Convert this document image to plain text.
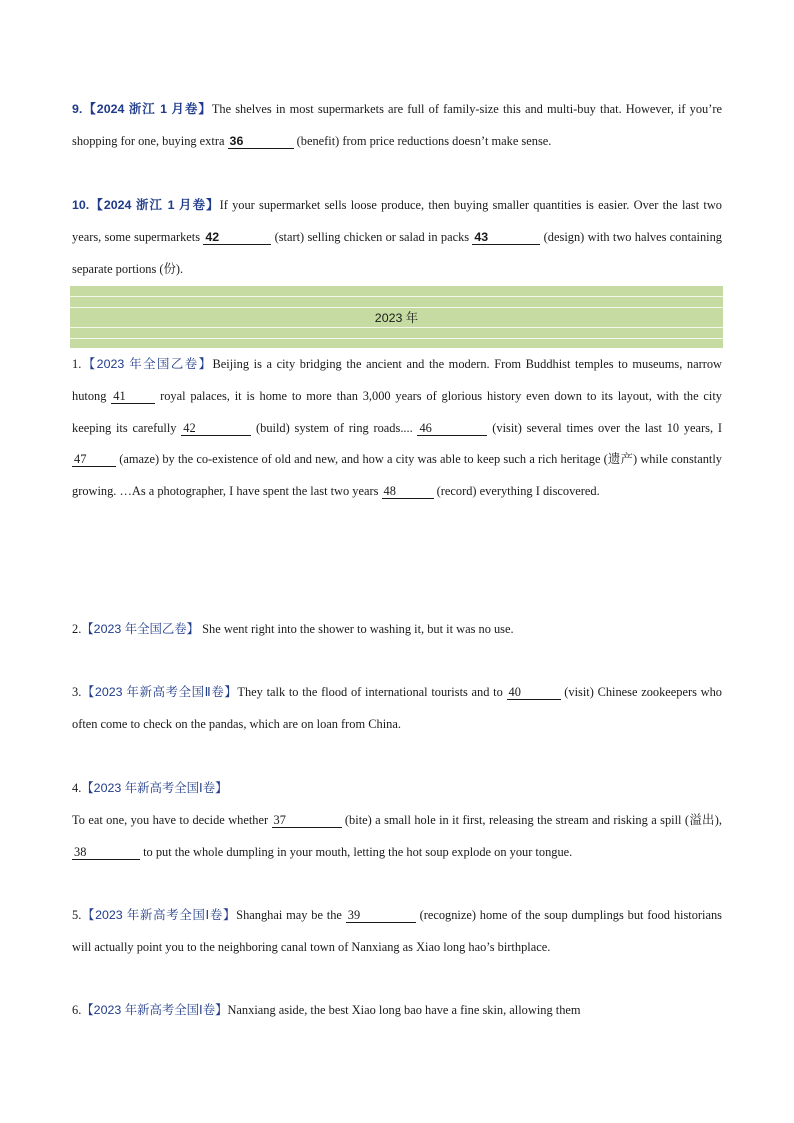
9.【2024 浙江 1 月卷】The shelves in most supermarkets are full of family-size this and multi-buy that. However, if you’re shopping for one, buying extra 36	(benefit) from price reductions doesn’t make sense.
10.【2024 浙江 1 月卷】If your supermarket sells loose produce, then buying smaller quantities is easier. Over the last two years, some supermarkets 42	(start) selling chicken or salad in packs 43	(design) with two halves containing separate portions (份).
2023 年
1.【2023 年全国乙卷】Beijing is a city bridging the ancient and the modern. From Buddhist temples to museums, narrow hutong 41 royal palaces, it is home to more than 3,000 years of glorious history even down to its layout, with the city keeping its carefully 42	(build) system of ring roads.... 46	(visit) several times over the last 10 years, I 47 (amaze) by the co-existence of old and new, and how a city was able to keep such a rich heritage (遗产) while constantly growing. …As a photographer, I have spent the last two years 48	(record) everything I discovered.
2.【2023 年全国乙卷】 She went right into the shower to washing it, but it was no use.
3.【2023 年新高考全国Ⅱ卷】They talk to the flood of international tourists and to 40	(visit) Chinese zookeepers who often come to check on the pandas, which are on loan from China.
4.【2023 年新高考全国Ⅰ卷】
To eat one, you have to decide whether 37	(bite) a small hole in it first, releasing the stream and risking a spill (溢出), 38	to put the whole dumpling in your mouth, letting the hot soup explode on your tongue.
5.【2023 年新高考全国Ⅰ卷】Shanghai may be the 39	(recognize) home of the soup dumplings but food historians will actually point you to the neighboring canal town of Nanxiang as Xiao long hao’s birthplace.
6.【2023 年新高考全国Ⅰ卷】Nanxiang aside, the best Xiao long bao have a fine skin, allowing them
